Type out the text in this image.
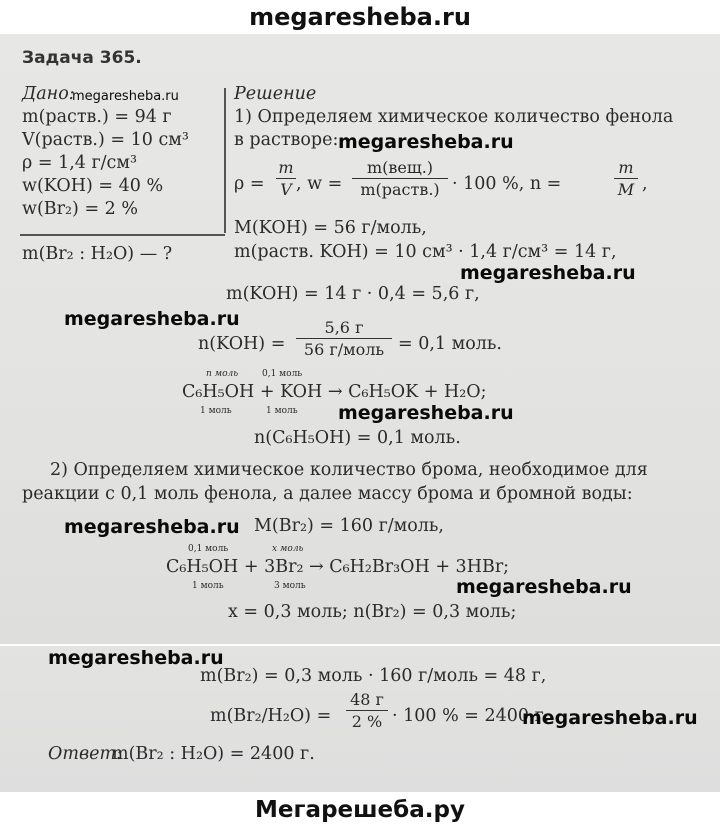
megaresheba.ru
Задача 365.
Дано:
m(раств.) = 94 г
V(раств.) = 10 см³
ρ = 1,4 г/см³
w(KOH) = 40 %
w(Br₂) = 2 %
m(Br₂ : H₂O) — ?
Решение
1) Определяем химическое количество фенола
в растворе:
ρ =
m
V , w =
m(вещ.)
m(раств.) · 100 %, n =
m
M ,
M(KOH) = 56 г/моль,
m(раств. KOH) = 10 см³ · 1,4 г/см³ = 14 г,
m(KOH) = 14 г · 0,4 = 5,6 г,
n(KOH) =
5,6 г
56 г/моль = 0,1 моль.
n моль	0,1 моль
C₆H₅OH + KOH → C₆H₅OK + H₂O;
1 моль	1 моль
n(C₆H₅OH) = 0,1 моль.
2) Определяем химическое количество брома, необходимое для
реакции с 0,1 моль фенола, а далее массу брома и бромной воды:
M(Br₂) = 160 г/моль,
0,1 моль	x моль
C₆H₅OH + 3Br₂ → C₆H₂Br₃OH + 3HBr;
1 моль	3 моль
x = 0,3 моль; n(Br₂) = 0,3 моль;
m(Br₂) = 0,3 моль · 160 г/моль = 48 г,
m(Br₂/H₂O) =
48 г
2 % · 100 % = 2400 г.
Ответ:
m(Br₂ : H₂O) = 2400 г.
megaresheba.ru
megaresheba.ru
megaresheba.ru
megaresheba.ru
megaresheba.ru
megaresheba.ru
megaresheba.ru
megaresheba.ru
megaresheba.ru
Мегарешеба.ру
